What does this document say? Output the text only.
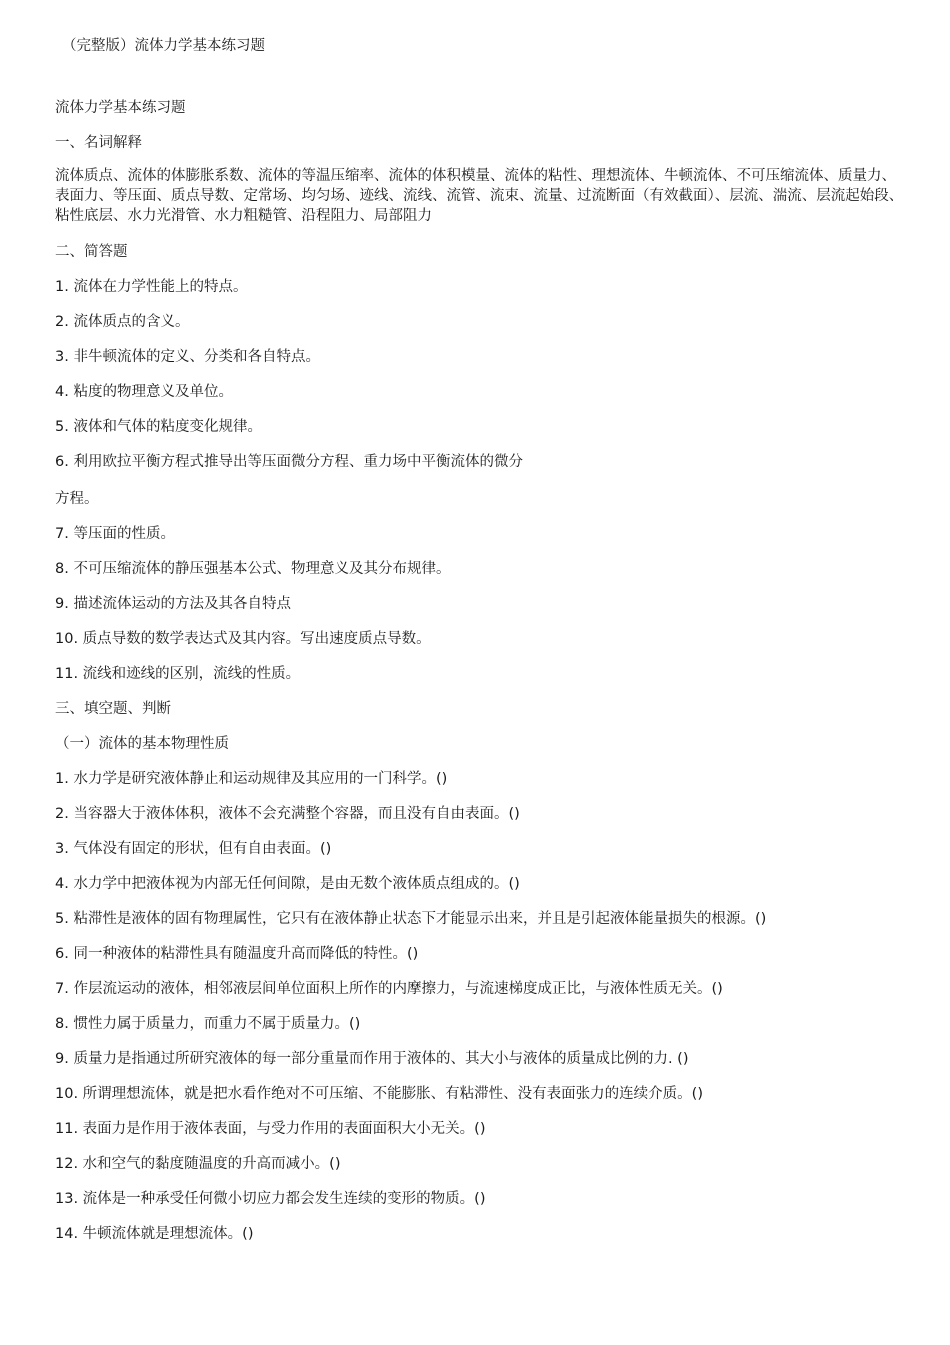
（完整版）流体力学基本练习题
流体力学基本练习题
一、名词解释
流体质点、流体的体膨胀系数、流体的等温压缩率、流体的体积模量、流体的粘性、理想流体、牛顿流体、不可压缩流体、质量力、表面力、等压面、质点导数、定常场、均匀场、迹线、流线、流管、流束、流量、过流断面（有效截面）、层流、湍流、层流起始段、粘性底层、水力光滑管、水力粗糙管、沿程阻力、局部阻力
二、简答题
1. 流体在力学性能上的特点。
2. 流体质点的含义。
3. 非牛顿流体的定义、分类和各自特点。
4. 粘度的物理意义及单位。
5. 液体和气体的粘度变化规律。
6. 利用欧拉平衡方程式推导出等压面微分方程、重力场中平衡流体的微分
方程。
7. 等压面的性质。
8. 不可压缩流体的静压强基本公式、物理意义及其分布规律。
9. 描述流体运动的方法及其各自特点
10. 质点导数的数学表达式及其内容。写出速度质点导数。
11. 流线和迹线的区别，流线的性质。
三、填空题、判断
（一）流体的基本物理性质
1. 水力学是研究液体静止和运动规律及其应用的一门科学。()
2. 当容器大于液体体积，液体不会充满整个容器，而且没有自由表面。()
3. 气体没有固定的形状，但有自由表面。()
4. 水力学中把液体视为内部无任何间隙，是由无数个液体质点组成的。()
5. 粘滞性是液体的固有物理属性，它只有在液体静止状态下才能显示出来，并且是引起液体能量损失的根源。()
6. 同一种液体的粘滞性具有随温度升高而降低的特性。()
7. 作层流运动的液体，相邻液层间单位面积上所作的内摩擦力，与流速梯度成正比，与液体性质无关。()
8. 惯性力属于质量力，而重力不属于质量力。()
9. 质量力是指通过所研究液体的每一部分重量而作用于液体的、其大小与液体的质量成比例的力. ()
10. 所谓理想流体，就是把水看作绝对不可压缩、不能膨胀、有粘滞性、没有表面张力的连续介质。()
11. 表面力是作用于液体表面，与受力作用的表面面积大小无关。()
12. 水和空气的黏度随温度的升高而减小。()
13. 流体是一种承受任何微小切应力都会发生连续的变形的物质。()
14. 牛顿流体就是理想流体。()
